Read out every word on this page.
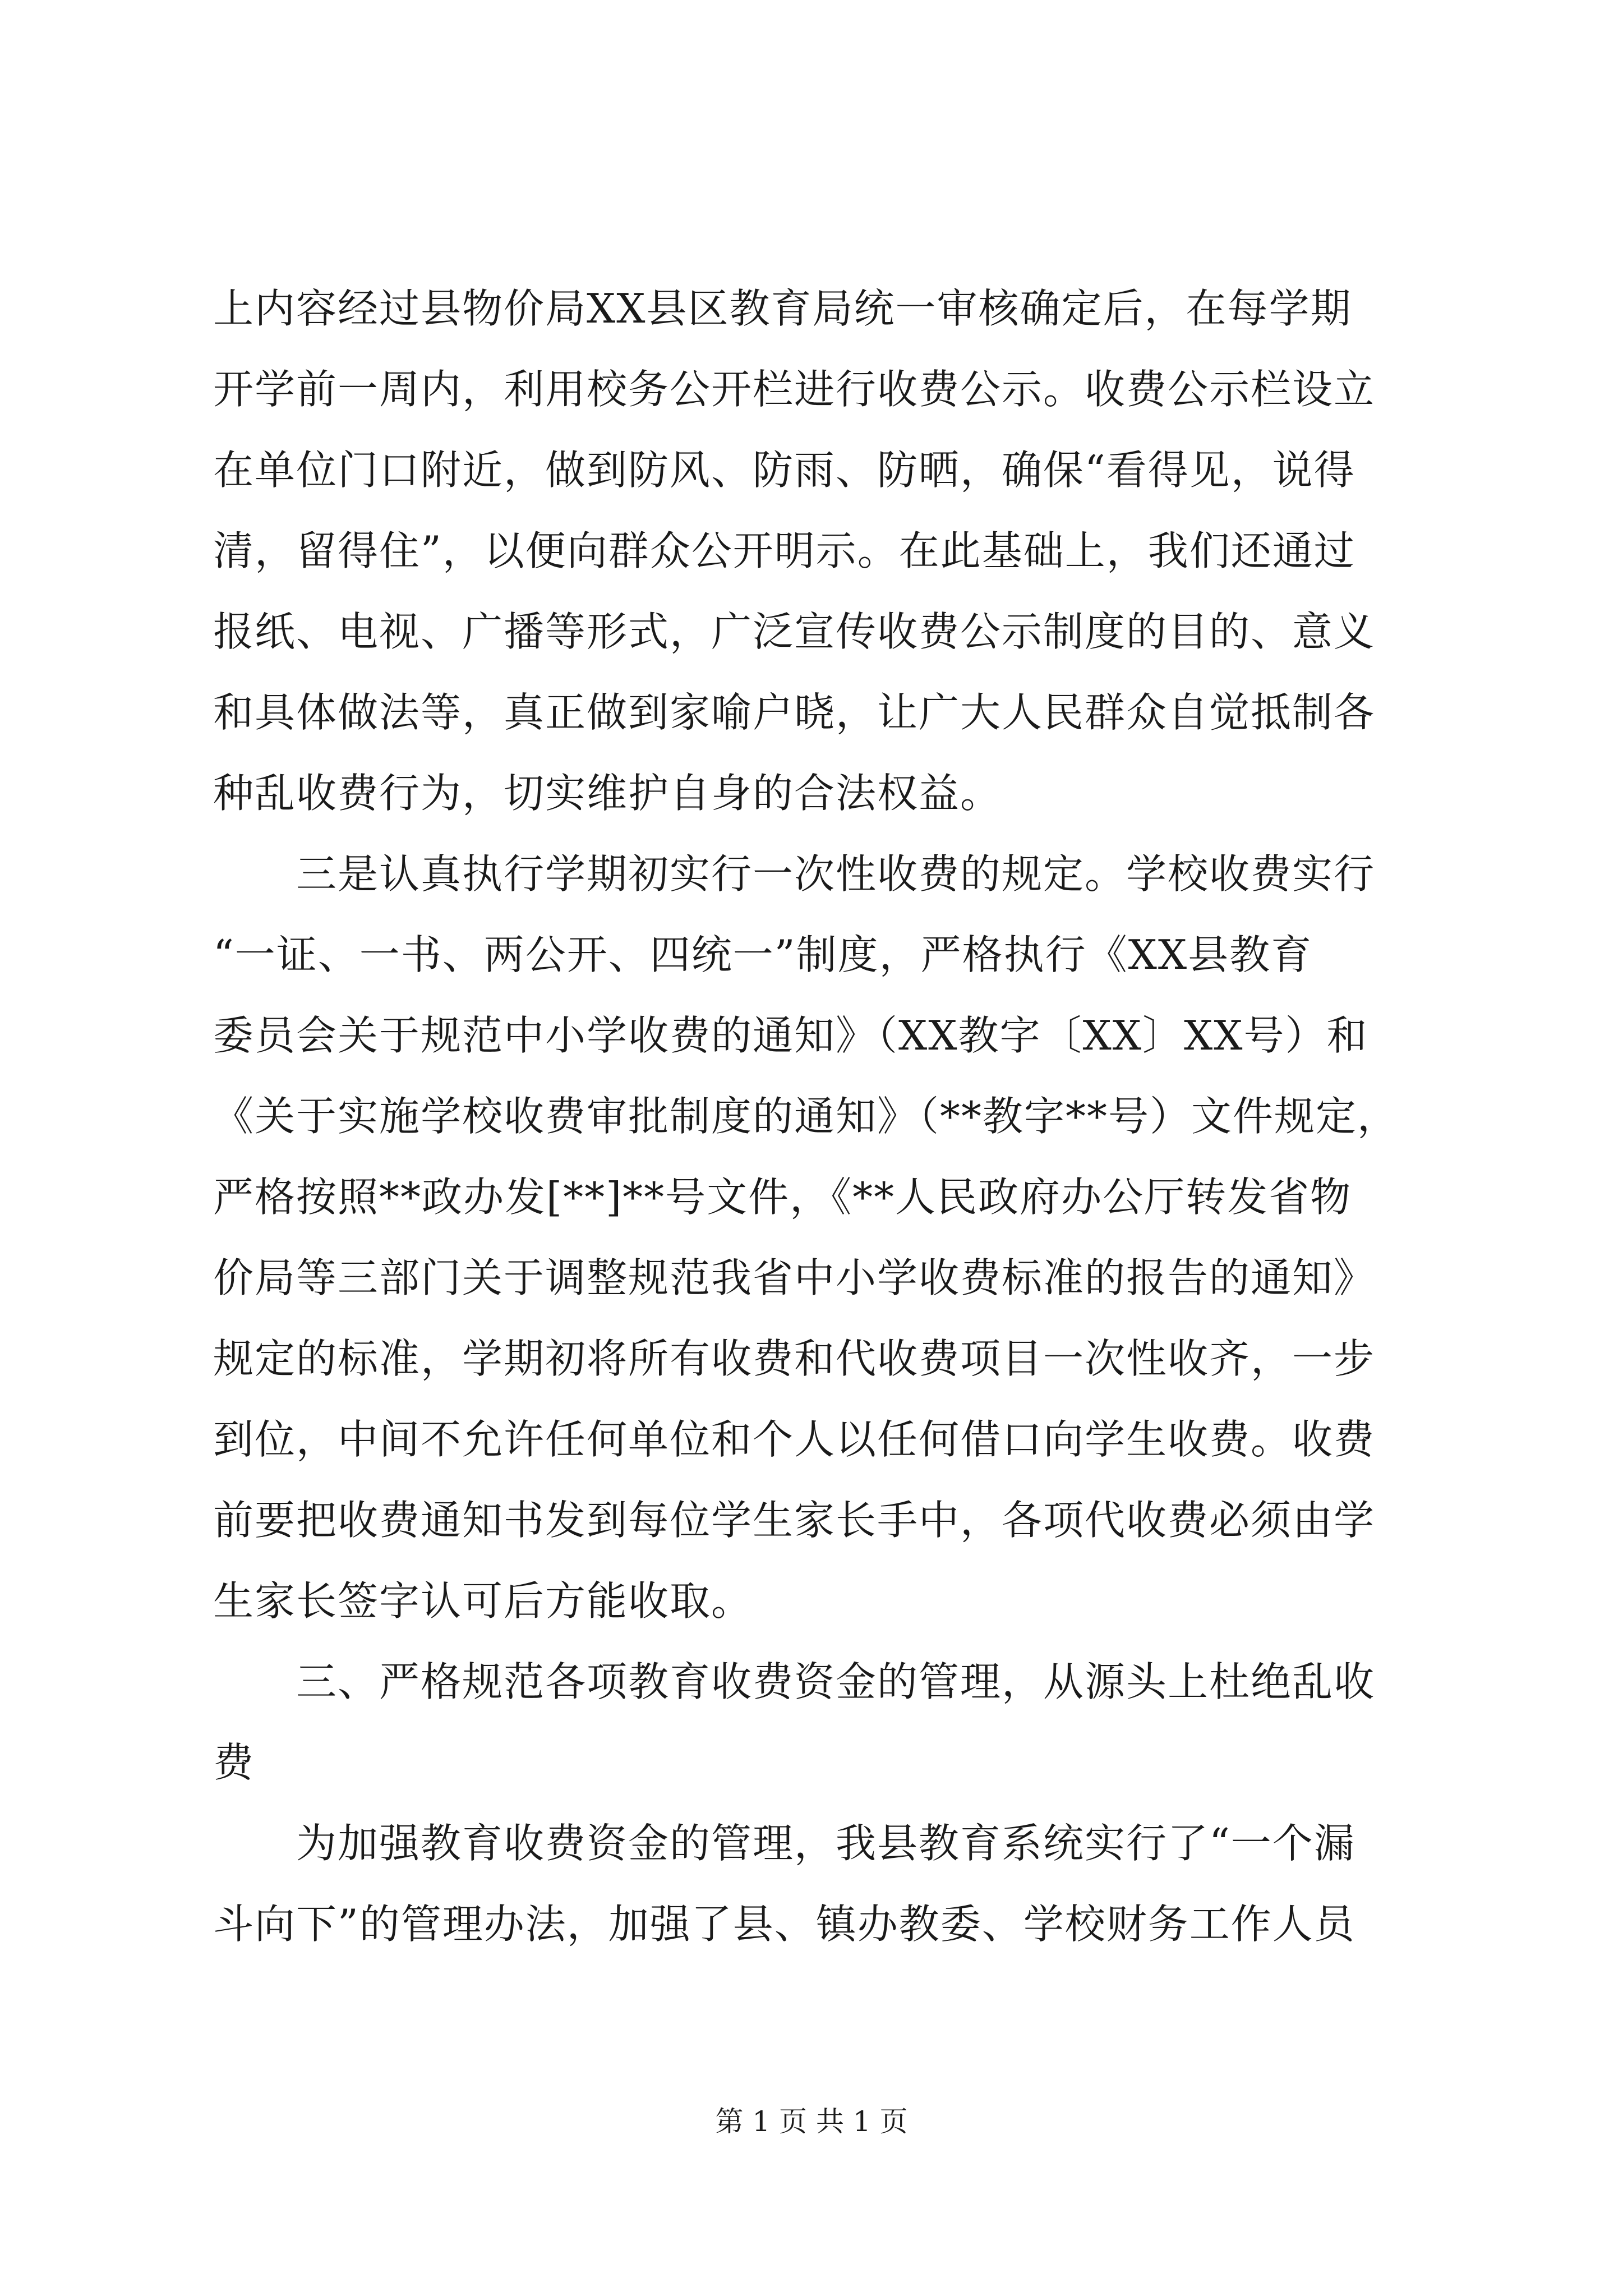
上内容经过县物价局XX县区教育局统一审核确定后，在每学期
开学前一周内，利用校务公开栏进行收费公示。收费公示栏设立
在单位门口附近，做到防风、防雨、防晒，确保“看得见，说得
清，留得住”，以便向群众公开明示。在此基础上，我们还通过
报纸、电视、广播等形式，广泛宣传收费公示制度的目的、意义
和具体做法等，真正做到家喻户晓，让广大人民群众自觉抵制各
种乱收费行为，切实维护自身的合法权益。
　　三是认真执行学期初实行一次性收费的规定。学校收费实行
“一证、一书、两公开、四统一”制度，严格执行《XX县教育
委员会关于规范中小学收费的通知》（XX教字〔XX〕XX号）和
《关于实施学校收费审批制度的通知》（**教字**号）文件规定，
严格按照**政办发[**]**号文件，《**人民政府办公厅转发省物
价局等三部门关于调整规范我省中小学收费标准的报告的通知》
规定的标准，学期初将所有收费和代收费项目一次性收齐，一步
到位，中间不允许任何单位和个人以任何借口向学生收费。收费
前要把收费通知书发到每位学生家长手中，各项代收费必须由学
生家长签字认可后方能收取。
　　三、严格规范各项教育收费资金的管理，从源头上杜绝乱收
费
　　为加强教育收费资金的管理，我县教育系统实行了“一个漏
斗向下”的管理办法，加强了县、镇办教委、学校财务工作人员
第 1 页 共 1 页
